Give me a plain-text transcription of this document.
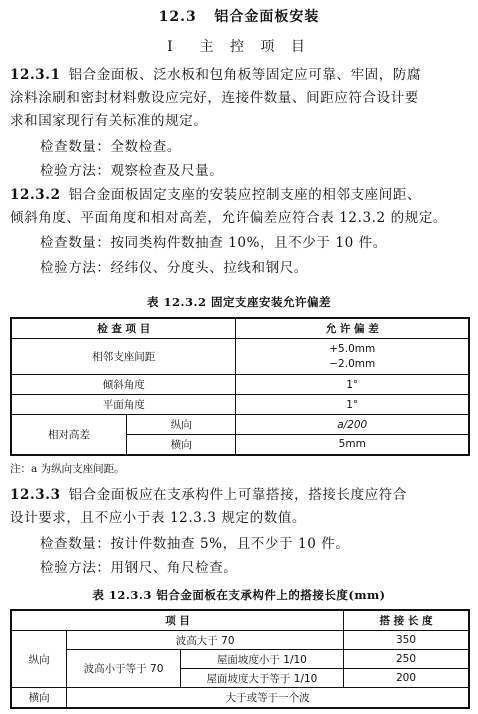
12.3 铝合金面板安装
Ⅰ 主 控 项 目
12.3.1 铝合金面板、泛水板和包角板等固定应可靠、牢固，防腐
涂料涂刷和密封材料敷设应完好，连接件数量、间距应符合设计要
求和国家现行有关标准的规定。
检查数量：全数检查。
检验方法：观察检查及尺量。
12.3.2 铝合金面板固定支座的安装应控制支座的相邻支座间距、
倾斜角度、平面角度和相对高差，允许偏差应符合表 12.3.2 的规定。
检查数量：按同类构件数抽查 10%，且不少于 10 件。
检验方法：经纬仪、分度头、拉线和钢尺。
表 12.3.2 固定支座安装允许偏差
检 查 项 目		允 许 偏 差
相邻支座间距		+5.0mm
−2.0mm

倾斜角度		1°
平面角度		1°
相对高差	纵向	a/200
	横向	5mm
注：a 为纵向支座间距。
12.3.3 铝合金面板应在支承构件上可靠搭接，搭接长度应符合
设计要求，且不应小于表 12.3.3 规定的数值。
检查数量：按计件数抽查 5%，且不少于 10 件。
检验方法：用钢尺、角尺检查。
表 12.3.3 铝合金面板在支承构件上的搭接长度(mm)
项 目			搭 接 长 度
纵向	波高大于 70		350
	波高小于等于 70	屋面坡度小于 1/10	250
		屋面坡度大于等于 1/10	200
横向	大于或等于一个波		
